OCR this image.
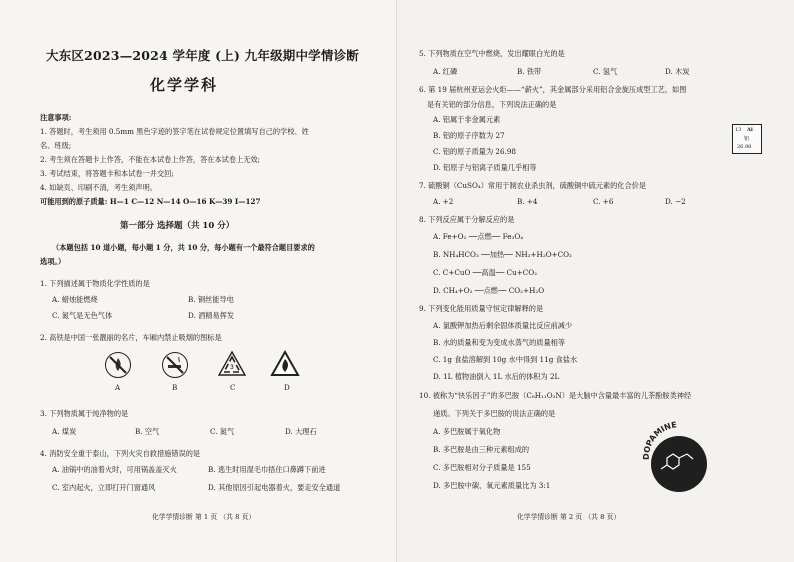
大东区2023—2024 学年度 (上) 九年级期中学情诊断
化学学科
注意事项:
1. 答题时，考生须用 0.5mm 黑色字迹的签字笔在试卷规定位置填写自己的学校、姓
名、班级;
2. 考生须在答题卡上作答，不能在本试卷上作答，答在本试卷上无效;
3. 考试结束，将答题卡和本试卷一并交回;
4. 如缺页、印刷不清，考生须声明。
可能用到的原子质量: H—1 C—12 N—14 O—16 K—39 I—127
第一部分 选择题（共 10 分）
（本题包括 10 道小题，每小题 1 分，共 10 分，每小题有一个最符合题目要求的
选项。）
1. 下列描述属于物质化学性质的是
A. 蜡烛能燃烧	B. 铜丝能导电
C. 氮气是无色气体	D. 酒精易挥发
2. 高铁是中国一张靓丽的名片，车厢内禁止吸烟的图标是
3
A	B	C	D
3. 下列物质属于纯净物的是
A. 煤炭	B. 空气	C. 氮气	D. 大理石
4. 消防安全重于泰山，下列火灾自救措施错误的是
A. 油锅中的油着火时，可用锅盖盖灭火	B. 逃生时用湿毛巾捂住口鼻蹲下前进
C. 室内起火，立即打开门窗通风	D. 其他原因引起电器着火，要走安全通道
化学学情诊断 第 1 页 （共 8 页）
5. 下列物质在空气中燃烧，发出耀眼白光的是
A. 红磷	B. 铁带	C. 氢气	D. 木炭
6. 第 19 届杭州亚运会火炬——“薪火”，其金属部分采用铝合金旋压成型工艺，如图
是有关铝的部分信息，下列说法正确的是
A. 铝属于非金属元素
B. 铝的原子序数为 27
C. 铝的原子质量为 26.98
D. 铝原子与铝离子质量几乎相等
13 Al
铝
26.98
7. 硫酸铜（CuSO₄）常用于制农业杀虫剂，硫酸铜中硫元素的化合价是
A. +2	B. +4	C. +6	D. −2
8. 下列反应属于分解反应的是
A. Fe+O₂ ──点燃── Fe₃O₄
B. NH₄HCO₃ ──加热── NH₃+H₂O+CO₂
C. C+CuO ──高温── Cu+CO₂
D. CH₄+O₂ ──点燃── CO₂+H₂O
9. 下列变化能用质量守恒定律解释的是
A. 氯酸钾加热后剩余固体质量比反应前减少
B. 水的质量和变为变成水蒸气的质量相等
C. 1g 食盐溶解到 10g 水中得到 11g 食盐水
D. 1L 植物油倒入 1L 水后的体积为 2L
10. 被称为“快乐因子”的多巴胺（C₈H₁₁O₂N）是大脑中含量最丰富的儿茶酚胺类神经
递质。下列关于多巴胺的说法正确的是
A. 多巴胺属于氧化物
B. 多巴胺是由三种元素组成的
C. 多巴胺相对分子质量是 155
D. 多巴胺中碳、氧元素质量比为 3:1
DOPAMINE
化学学情诊断 第 2 页 （共 8 页）
